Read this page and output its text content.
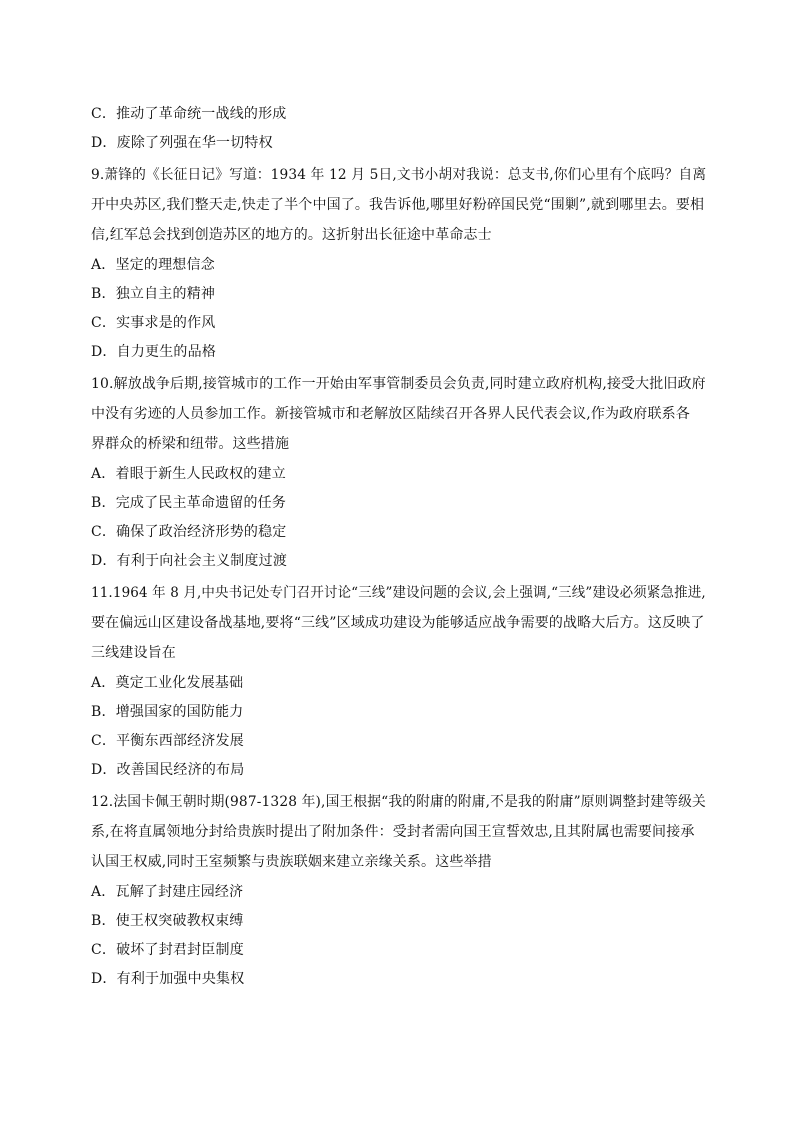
C．推动了革命统一战线的形成
D．废除了列强在华一切特权
9.萧锋的《长征日记》写道：1934 年 12 月 5日,文书小胡对我说：总支书,你们心里有个底吗？自离
开中央苏区,我们整天走,快走了半个中国了。我告诉他,哪里好粉碎国民党“围剿”,就到哪里去。要相
信,红军总会找到创造苏区的地方的。这折射出长征途中革命志士
A．坚定的理想信念
B．独立自主的精神
C．实事求是的作风
D．自力更生的品格
10.解放战争后期,接管城市的工作一开始由军事管制委员会负责,同时建立政府机构,接受大批旧政府
中没有劣迹的人员参加工作。新接管城市和老解放区陆续召开各界人民代表会议,作为政府联系各
界群众的桥梁和纽带。这些措施
A．着眼于新生人民政权的建立
B．完成了民主革命遗留的任务
C．确保了政治经济形势的稳定
D．有利于向社会主义制度过渡
11.1964 年 8 月,中央书记处专门召开讨论“三线”建设问题的会议,会上强调,“三线”建设必须紧急推进,
要在偏远山区建设备战基地,要将“三线”区域成功建设为能够适应战争需要的战略大后方。这反映了
三线建设旨在
A．奠定工业化发展基础
B．增强国家的国防能力
C．平衡东西部经济发展
D．改善国民经济的布局
12.法国卡佩王朝时期(987-1328 年),国王根据“我的附庸的附庸,不是我的附庸”原则调整封建等级关
系,在将直属领地分封给贵族时提出了附加条件：受封者需向国王宣誓效忠,且其附属也需要间接承
认国王权威,同时王室频繁与贵族联姻来建立亲缘关系。这些举措
A．瓦解了封建庄园经济
B．使王权突破教权束缚
C．破坏了封君封臣制度
D．有利于加强中央集权
